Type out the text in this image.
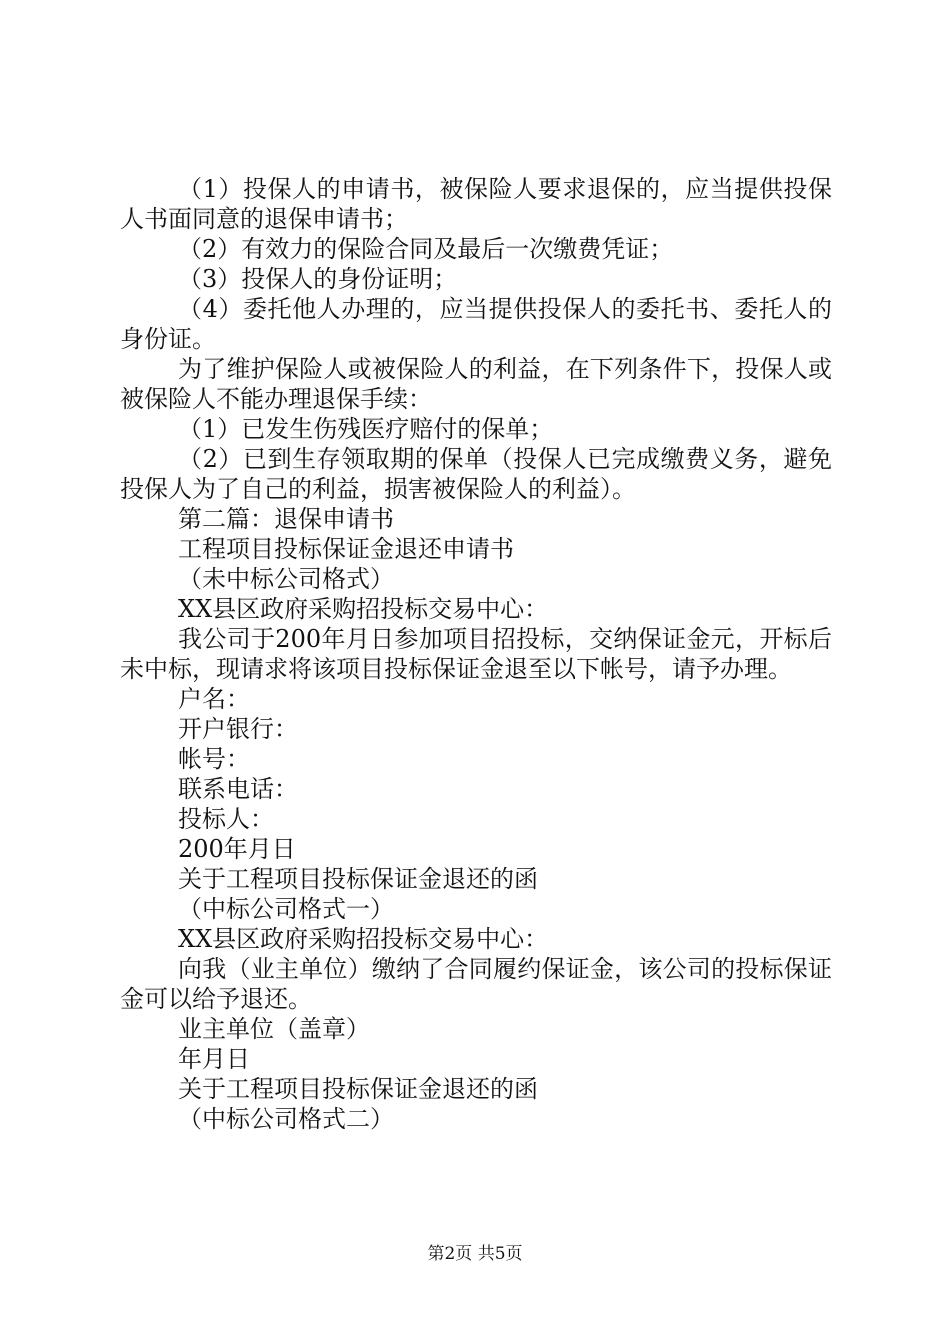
（1）投保人的申请书，被保险人要求退保的，应当提供投保人书面同意的退保申请书；

（2）有效力的保险合同及最后一次缴费凭证；

（3）投保人的身份证明；

（4）委托他人办理的，应当提供投保人的委托书、委托人的身份证。

为了维护保险人或被保险人的利益，在下列条件下，投保人或被保险人不能办理退保手续：

（1）已发生伤残医疗赔付的保单；

（2）已到生存领取期的保单（投保人已完成缴费义务，避免投保人为了自己的利益，损害被保险人的利益）。

第二篇：退保申请书

工程项目投标保证金退还申请书

（未中标公司格式）

XX县区政府采购招投标交易中心：

我公司于200年月日参加项目招投标，交纳保证金元，开标后未中标，现请求将该项目投标保证金退至以下帐号，请予办理。

户名：

开户银行：

帐号：

联系电话：

投标人：

200年月日

关于工程项目投标保证金退还的函

（中标公司格式一）

XX县区政府采购招投标交易中心：

向我（业主单位）缴纳了合同履约保证金，该公司的投标保证金可以给予退还。

业主单位（盖章）

年月日

关于工程项目投标保证金退还的函

（中标公司格式二）

第2页 共5页
